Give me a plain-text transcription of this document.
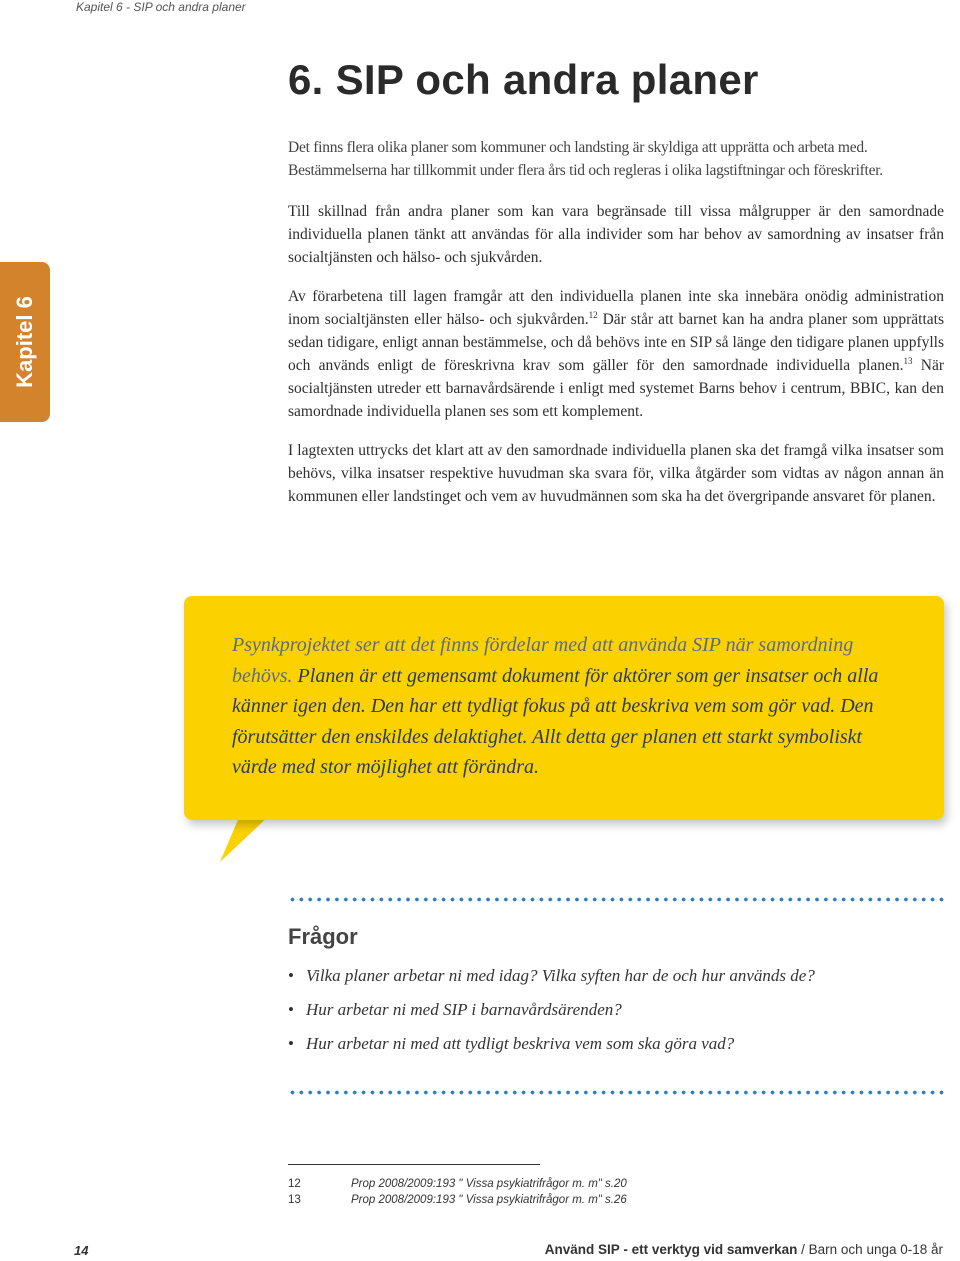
Kapitel 6 - SIP och andra planer
6. SIP och andra planer
Kapitel 6

Det finns flera olika planer som kommuner och landsting är skyldiga att upprätta och arbeta med.
Bestämmelserna har tillkommit under flera års tid och regleras i olika lagstiftningar och föreskrifter.

Till skillnad från andra planer som kan vara begränsade till vissa målgrupper är den samordnade individuella planen tänkt att användas för alla individer som har behov av samordning av insatser från socialtjänsten och hälso- och sjukvården.

Av förarbetena till lagen framgår att den individuella planen inte ska innebära onödig administration inom socialtjänsten eller hälso- och sjukvården.$^{12}$ Där står att barnet kan ha andra planer som upprättats sedan tidigare, enligt annan bestämmelse, och då behövs inte en SIP så länge den tidigare planen uppfylls och används enligt de föreskrivna krav som gäller för den samordnade individuella planen.$^{13}$ När socialtjänsten utreder ett barnavårdsärende i enligt med systemet Barns behov i centrum, BBIC, kan den samordnade individuella planen ses som ett komplement.

I lagtexten uttrycks det klart att av den samordnade individuella planen ska det framgå vilka insatser som behövs, vilka insatser respektive huvudman ska svara för, vilka åtgärder som vidtas av någon annan än kommunen eller landstinget och vem av huvudmännen som ska ha det övergripande ansvaret för planen.

Psynkprojektet ser att det finns fördelar med att använda SIP när samordning behövs. Planen är ett gemensamt dokument för aktörer som ger insatser och alla känner igen den. Den har ett tydligt fokus på att beskriva vem som gör vad. Den förutsätter den enskildes delaktighet. Allt detta ger planen ett starkt symboliskt värde med stor möjlighet att förändra.

Frågor
• Vilka planer arbetar ni med idag? Vilka syften har de och hur används de?
• Hur arbetar ni med SIP i barnavårdsärenden?
• Hur arbetar ni med att tydligt beskriva vem som ska göra vad?
12	Prop 2008/2009:193 " Vissa psykiatrifrågor m. m" s.20
13	Prop 2008/2009:193 " Vissa psykiatrifrågor m. m" s.26
14	Använd SIP - ett verktyg vid samverkan / Barn och unga 0-18 år
